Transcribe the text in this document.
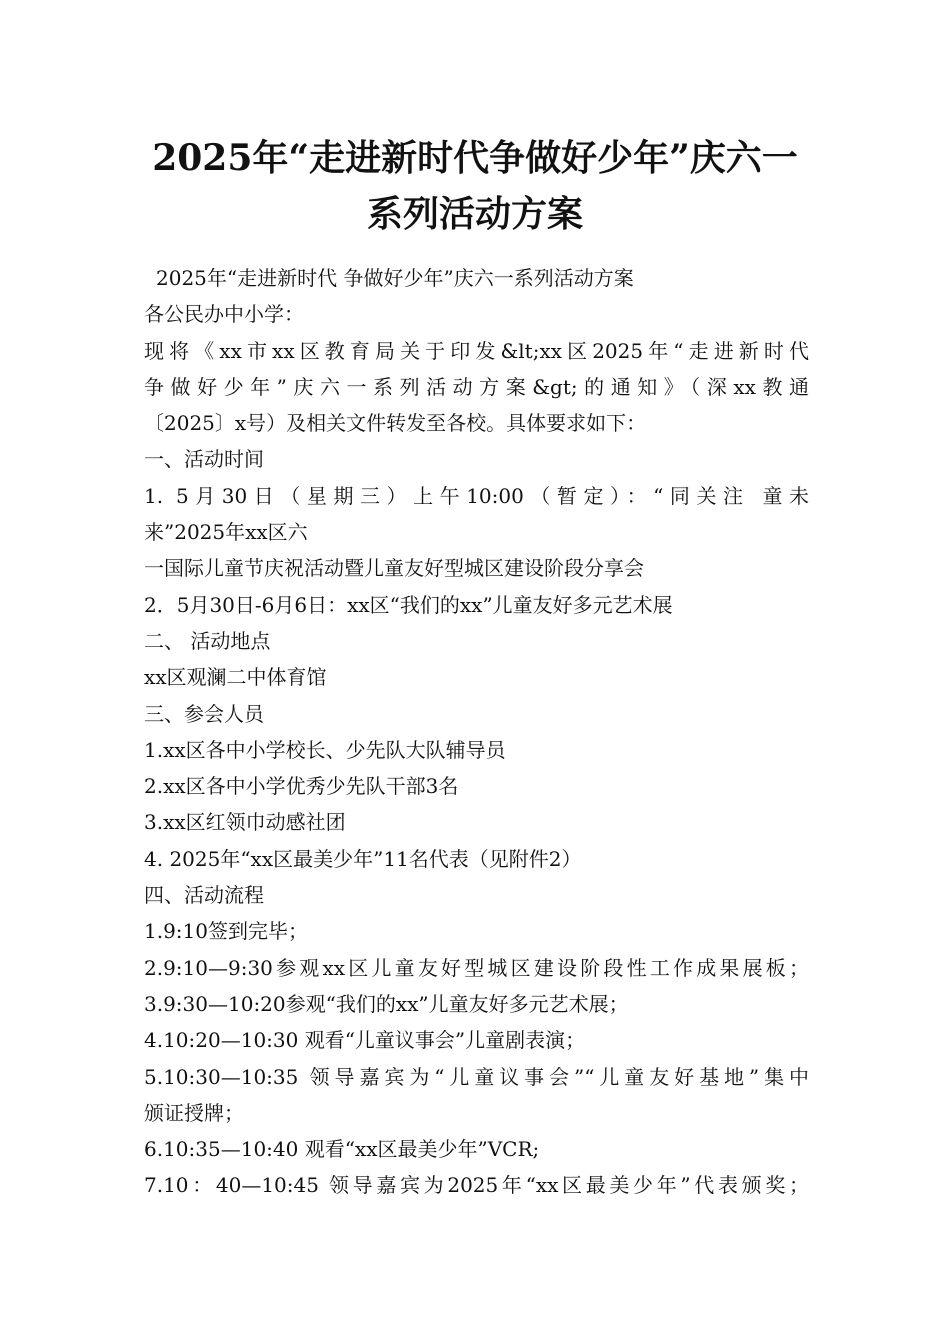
2025年“走进新时代争做好少年”庆六一
系列活动方案

2025年“走进新时代 争做好少年”庆六一系列活动方案

各公民办中小学：

现将《xx市xx区教育局关于印发&lt;xx区2025年“走进新时代

争做好少年”庆六一系列活动方案&gt;的通知》（深xx教通

〔2025〕x号）及相关文件转发至各校。具体要求如下：

一、活动时间

1. 5月30日（星期三）上午10:00（暂定）：“同关注 童未

来”2025年xx区六

一国际儿童节庆祝活动暨儿童友好型城区建设阶段分享会

2．5月30日-6月6日：xx区“我们的xx”儿童友好多元艺术展

二、 活动地点

xx区观澜二中体育馆

三、参会人员

1.xx区各中小学校长、少先队大队辅导员

2.xx区各中小学优秀少先队干部3名

3.xx区红领巾动感社团

4. 2025年“xx区最美少年”11名代表（见附件2）

四、活动流程

1.9:10签到完毕；

2.9:10—9:30参观xx区儿童友好型城区建设阶段性工作成果展板；

3.9:30—10:20参观“我们的xx”儿童友好多元艺术展；

4.10:20—10:30 观看“儿童议事会”儿童剧表演；

5.10:30—10:35 领导嘉宾为“儿童议事会”“儿童友好基地”集中

颁证授牌；

6.10:35—10:40 观看“xx区最美少年”VCR;

7.10：40—10:45 领导嘉宾为2025年“xx区最美少年”代表颁奖；
